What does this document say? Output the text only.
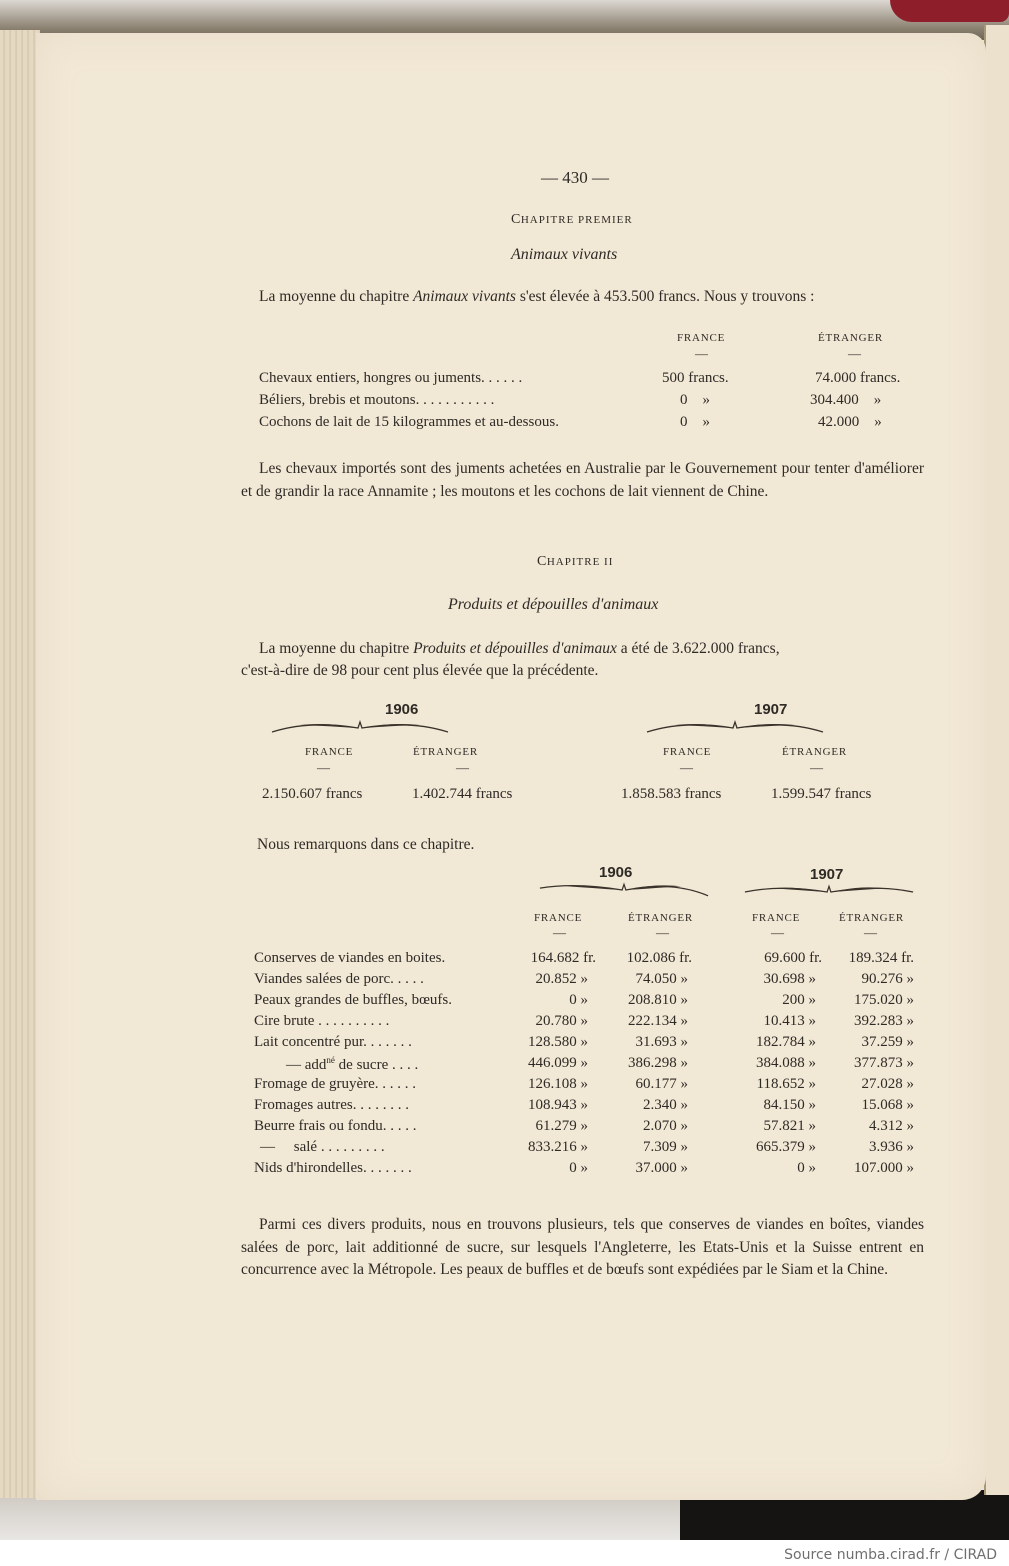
— 430 —
CHAPITRE PREMIER
Animaux vivants
La moyenne du chapitre Animaux vivants s'est élevée à 453.500 francs. Nous y trouvons :
FRANCE	ÉTRANGER
—	—
Chevaux entiers, hongres ou juments. . . . . .	500 francs.	74.000 francs.
Béliers, brebis et moutons. . . . . . . . . . .	0    »	304.400    »
Cochons de lait de 15 kilogrammes et au-dessous.	0    »	42.000    »
Les chevaux importés sont des juments achetées en Australie par le Gouvernement pour tenter d'améliorer et de grandir la race Annamite ; les moutons et les cochons de lait viennent de Chine.
CHAPITRE II
Produits et dépouilles d'animaux
La moyenne du chapitre Produits et dépouilles d'animaux a été de 3.622.000 francs,
c'est-à-dire de 98 pour cent plus élevée que la précédente.
1906
FRANCE	ÉTRANGER
—	—
2.150.607 francs	1.402.744 francs
1907
FRANCE	ÉTRANGER
—	—
1.858.583 francs	1.599.547 francs
Nous remarquons dans ce chapitre.
1906	1907
FRANCE	ÉTRANGER	FRANCE	ÉTRANGER
—	—	—	—
Conserves de viandes en boites.	164.682 fr. 102.086 fr.	69.600 fr. 189.324 fr.
Viandes salées de porc. . . . .	20.852 »	74.050 »	30.698 »	90.276 »
Peaux grandes de buffles, bœufs.	0 »	208.810 »	200 »	175.020 »
Cire brute . . . . . . . . . .	20.780 »	222.134 »	10.413 »	392.283 »
Lait concentré pur. . . . . . .	128.580 »	31.693 »	182.784 »	37.259 »
— add$^{né}$ de sucre . . . .	446.099 »	386.298 »	384.088 »	377.873 »
Fromage de gruyère. . . . . .	126.108 »	60.177 »	118.652 »	27.028 »
Fromages autres. . . . . . . .	108.943 »	2.340 »	84.150 »	15.068 »
Beurre frais ou fondu. . . . .	61.279 »	2.070 »	57.821 »	4.312 »
—     salé . . . . . . . . .	833.216 »	7.309 »	665.379 »	3.936 »
Nids d'hirondelles. . . . . . .	0 »	37.000 »	0 »	107.000 »
Parmi ces divers produits, nous en trouvons plusieurs, tels que conserves de viandes en boîtes, viandes salées de porc, lait additionné de sucre, sur lesquels l'Angleterre, les Etats-Unis et la Suisse entrent en concurrence avec la Métropole. Les peaux de buffles et de bœufs sont expédiées par le Siam et la Chine.
Source numba.cirad.fr / CIRAD
